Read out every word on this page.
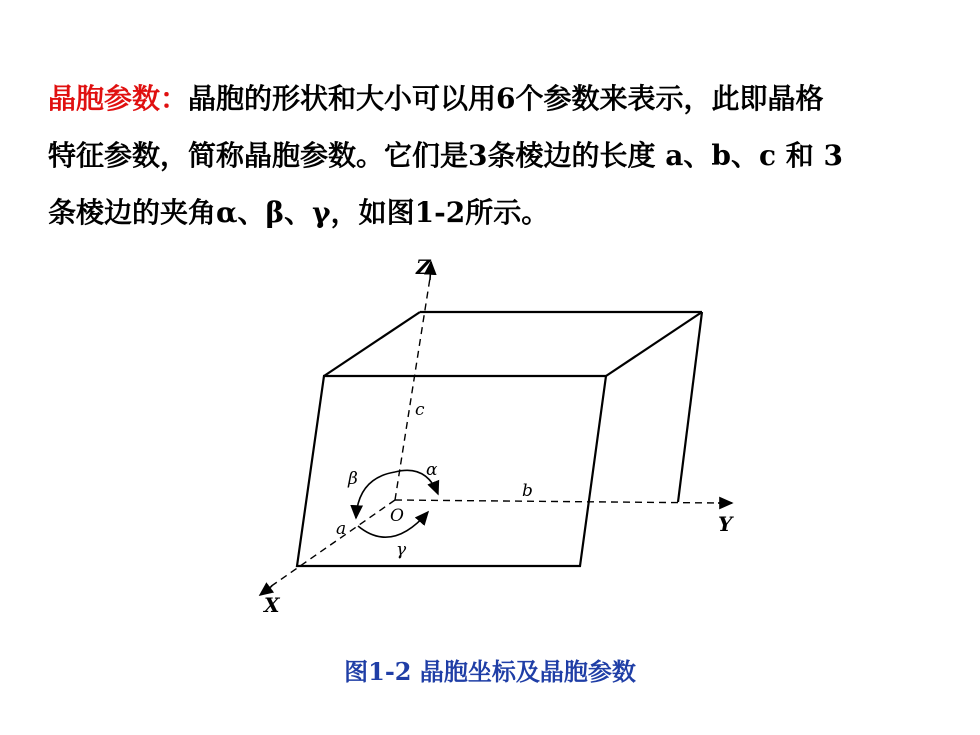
晶胞参数：晶胞的形状和大小可以用6个参数来表示，此即晶格
特征参数，简称晶胞参数。它们是3条棱边的长度 a、b、c 和 3
条棱边的夹角α、β、γ，如图1-2所示。
Z
Y
X
O
c
b
a
α
β
γ
图1-2 晶胞坐标及晶胞参数
